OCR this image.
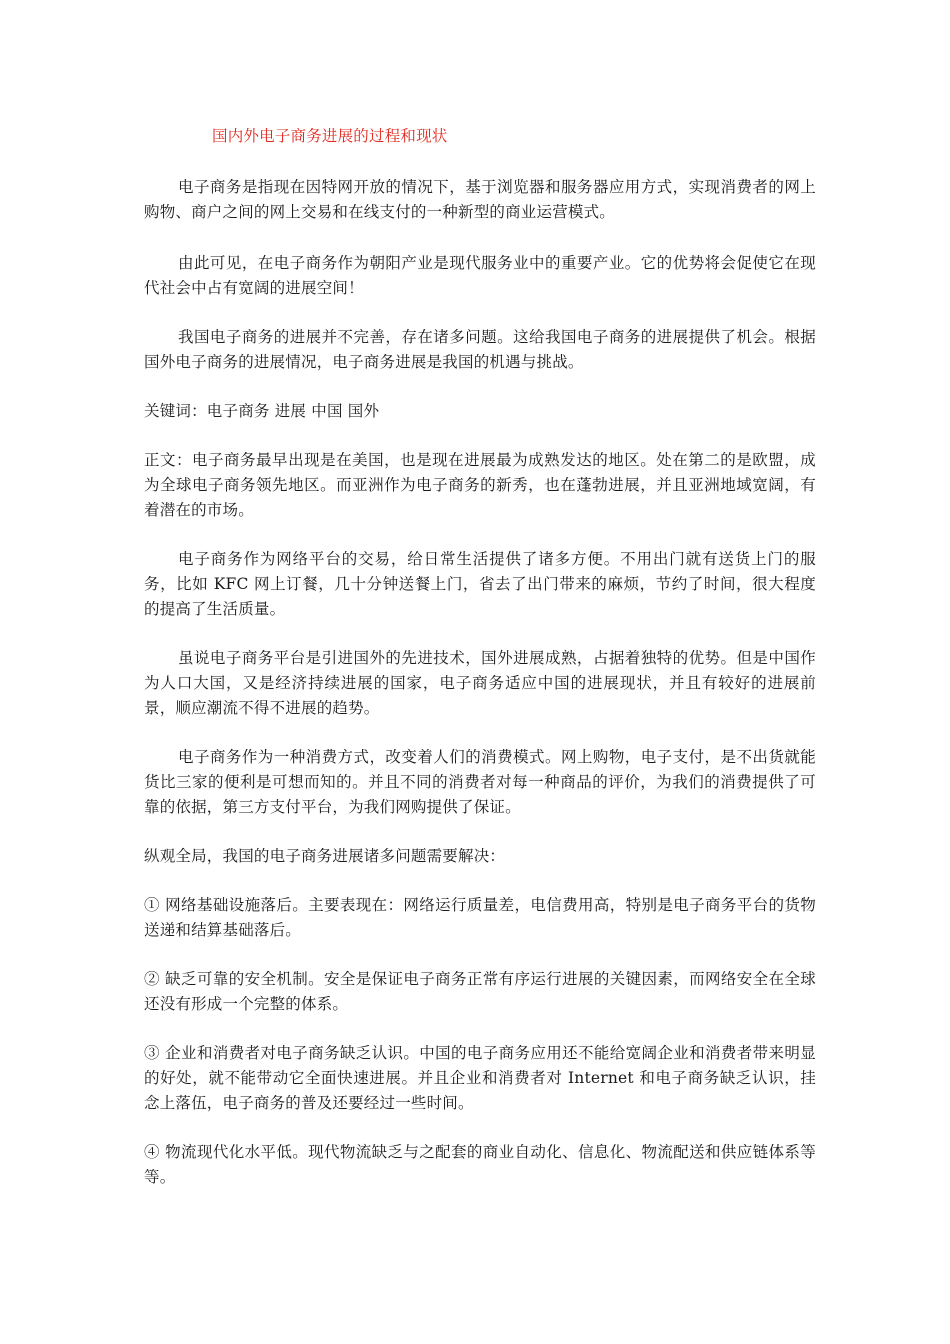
国内外电子商务进展的过程和现状

电子商务是指现在因特网开放的情况下，基于浏览器和服务器应用方式，实现消费者的网上购物、商户之间的网上交易和在线支付的一种新型的商业运营模式。

由此可见，在电子商务作为朝阳产业是现代服务业中的重要产业。它的优势将会促使它在现代社会中占有宽阔的进展空间！

我国电子商务的进展并不完善，存在诸多问题。这给我国电子商务的进展提供了机会。根据国外电子商务的进展情况，电子商务进展是我国的机遇与挑战。

关键词：电子商务 进展 中国 国外

正文：电子商务最早出现是在美国，也是现在进展最为成熟发达的地区。处在第二的是欧盟，成为全球电子商务领先地区。而亚洲作为电子商务的新秀，也在蓬勃进展，并且亚洲地域宽阔，有着潜在的市场。

电子商务作为网络平台的交易，给日常生活提供了诸多方便。不用出门就有送货上门的服务，比如 KFC 网上订餐，几十分钟送餐上门，省去了出门带来的麻烦，节约了时间，很大程度的提高了生活质量。

虽说电子商务平台是引进国外的先进技术，国外进展成熟，占据着独特的优势。但是中国作为人口大国，又是经济持续进展的国家，电子商务适应中国的进展现状，并且有较好的进展前景，顺应潮流不得不进展的趋势。

电子商务作为一种消费方式，改变着人们的消费模式。网上购物，电子支付，是不出货就能货比三家的便利是可想而知的。并且不同的消费者对每一种商品的评价，为我们的消费提供了可靠的依据，第三方支付平台，为我们网购提供了保证。

纵观全局，我国的电子商务进展诸多问题需要解决：

① 网络基础设施落后。主要表现在：网络运行质量差，电信费用高，特别是电子商务平台的货物送递和结算基础落后。

② 缺乏可靠的安全机制。安全是保证电子商务正常有序运行进展的关键因素，而网络安全在全球还没有形成一个完整的体系。

③ 企业和消费者对电子商务缺乏认识。中国的电子商务应用还不能给宽阔企业和消费者带来明显的好处，就不能带动它全面快速进展。并且企业和消费者对 Internet 和电子商务缺乏认识，挂念上落伍，电子商务的普及还要经过一些时间。

④ 物流现代化水平低。现代物流缺乏与之配套的商业自动化、信息化、物流配送和供应链体系等等。
